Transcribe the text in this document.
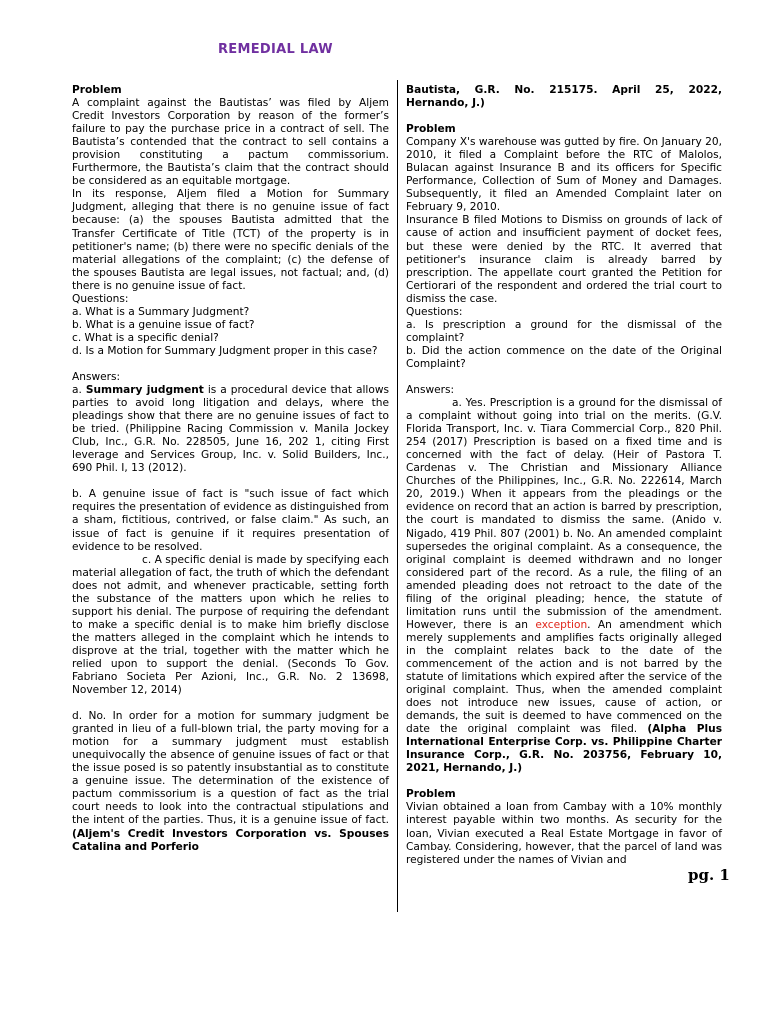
REMEDIAL LAW

Problem

A complaint against the Bautistas’ was filed by Aljem Credit Investors Corporation by reason of the former’s failure to pay the purchase price in a contract of sell. The Bautista’s contended that the contract to sell contains a provision constituting a pactum commissorium. Furthermore, the Bautista’s claim that the contract should be considered as an equitable mortgage.

In its response, Aljem filed a Motion for Summary Judgment, alleging that there is no genuine issue of fact because: (a) the spouses Bautista admitted that the Transfer Certificate of Title (TCT) of the property is in petitioner's name; (b) there were no specific denials of the material allegations of the complaint; (c) the defense of the spouses Bautista are legal issues, not factual; and, (d) there is no genuine issue of fact.

Questions:

a. What is a Summary Judgment?

b. What is a genuine issue of fact?

c. What is a specific denial?

d. Is a Motion for Summary Judgment proper in this case?

Answers:

a. Summary judgment is a procedural device that allows parties to avoid long litigation and delays, where the pleadings show that there are no genuine issues of fact to be tried. (Philippine Racing Commission v. Manila Jockey Club, Inc., G.R. No. 228505, June 16, 202 1, citing First leverage and Services Group, Inc. v. Solid Builders, Inc., 690 Phil. I, 13 (2012).

b. A genuine issue of fact is "such issue of fact which requires the presentation of evidence as distinguished from a sham, fictitious, contrived, or false claim." As such, an issue of fact is genuine if it requires presentation of evidence to be resolved.

c. A specific denial is made by specifying each material allegation of fact, the truth of which the defendant does not admit, and whenever practicable, setting forth the substance of the matters upon which he relies to support his denial. The purpose of requiring the defendant to make a specific denial is to make him briefly disclose the matters alleged in the complaint which he intends to disprove at the trial, together with the matter which he relied upon to support the denial. (Seconds To Gov. Fabriano Societa Per Azioni, Inc., G.R. No. 2 13698, November 12, 2014)

d. No. In order for a motion for summary judgment be granted in lieu of a full-blown trial, the party moving for a motion for a summary judgment must establish unequivocally the absence of genuine issues of fact or that the issue posed is so patently insubstantial as to constitute a genuine issue. The determination of the existence of pactum commissorium is a question of fact as the trial court needs to look into the contractual stipulations and the intent of the parties. Thus, it is a genuine issue of fact. (Aljem's Credit Investors Corporation vs. Spouses Catalina and Porferio

Bautista, G.R. No. 215175. April 25, 2022, Hernando, J.)

Problem

Company X's warehouse was gutted by fire. On January 20, 2010, it filed a Complaint before the RTC of Malolos, Bulacan against Insurance B and its officers for Specific Performance, Collection of Sum of Money and Damages. Subsequently, it filed an Amended Complaint later on February 9, 2010.

Insurance B filed Motions to Dismiss on grounds of lack of cause of action and insufficient payment of docket fees, but these were denied by the RTC. It averred that petitioner's insurance claim is already barred by prescription. The appellate court granted the Petition for Certiorari of the respondent and ordered the trial court to dismiss the case.

Questions:

a. Is prescription a ground for the dismissal of the complaint?

b. Did the action commence on the date of the Original Complaint?

Answers:

a. Yes. Prescription is a ground for the dismissal of a complaint without going into trial on the merits. (G.V. Florida Transport, Inc. v. Tiara Commercial Corp., 820 Phil. 254 (2017) Prescription is based on a fixed time and is concerned with the fact of delay. (Heir of Pastora T. Cardenas v. The Christian and Missionary Alliance Churches of the Philippines, Inc., G.R. No. 222614, March 20, 2019.) When it appears from the pleadings or the evidence on record that an action is barred by prescription, the court is mandated to dismiss the same. (Anido v. Nigado, 419 Phil. 807 (2001) b. No. An amended complaint supersedes the original complaint. As a consequence, the original complaint is deemed withdrawn and no longer considered part of the record. As a rule, the filing of an amended pleading does not retroact to the date of the filing of the original pleading; hence, the statute of limitation runs until the submission of the amendment. However, there is an exception. An amendment which merely supplements and amplifies facts originally alleged in the complaint relates back to the date of the commencement of the action and is not barred by the statute of limitations which expired after the service of the original complaint. Thus, when the amended complaint does not introduce new issues, cause of action, or demands, the suit is deemed to have commenced on the date the original complaint was filed. (Alpha Plus International Enterprise Corp. vs. Philippine Charter Insurance Corp., G.R. No. 203756, February 10, 2021, Hernando, J.)

Problem

Vivian obtained a loan from Cambay with a 10% monthly interest payable within two months. As security for the loan, Vivian executed a Real Estate Mortgage in favor of Cambay. Considering, however, that the parcel of land was registered under the names of Vivian and

pg. 1
